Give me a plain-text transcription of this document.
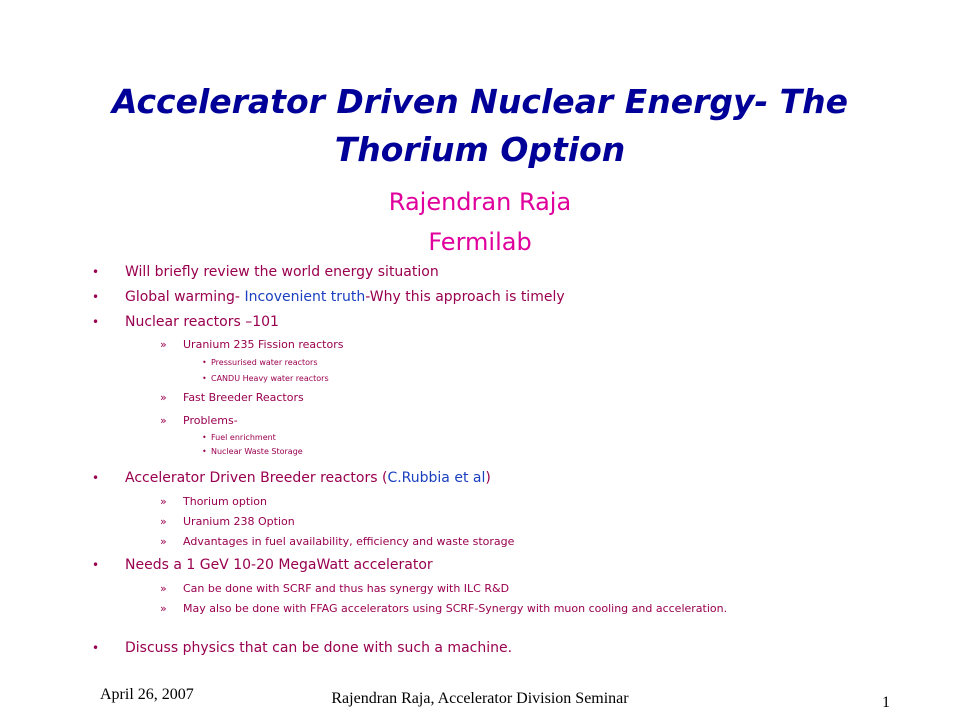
Accelerator Driven Nuclear Energy- The
Thorium Option

Rajendran Raja

Fermilab

• Will briefly review the world energy situation
• Global warming- Incovenient truth-Why this approach is timely
• Nuclear reactors –101
» Uranium 235 Fission reactors
• Pressurised water reactors
• CANDU Heavy water reactors
» Fast Breeder Reactors
» Problems-
• Fuel enrichment
• Nuclear Waste Storage
• Accelerator Driven Breeder reactors (C.Rubbia et al)
» Thorium option
» Uranium 238 Option
» Advantages in fuel availability, efficiency and waste storage
• Needs a 1 GeV 10-20 MegaWatt accelerator
» Can be done with SCRF and thus has synergy with ILC R&D
» May also be done with FFAG accelerators using SCRF-Synergy with muon cooling and acceleration.
• Discuss physics that can be done with such a machine.

April 26, 2007	Rajendran Raja, Accelerator Division Seminar	1
